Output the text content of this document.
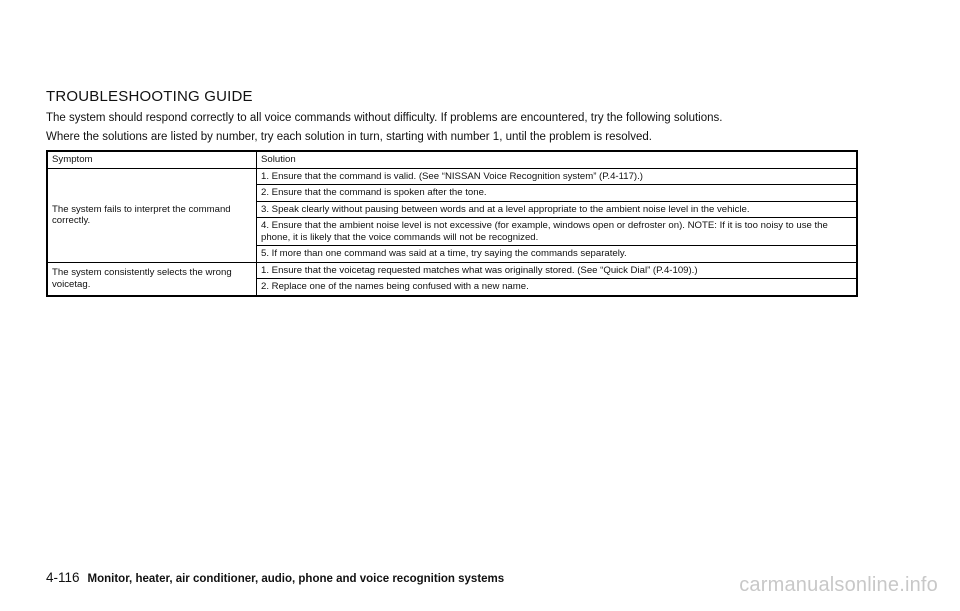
TROUBLESHOOTING GUIDE
The system should respond correctly to all voice commands without difficulty. If problems are encountered, try the following solutions.
Where the solutions are listed by number, try each solution in turn, starting with number 1, until the problem is resolved.
Symptom	Solution
The system fails to interpret the command correctly.	1. Ensure that the command is valid. (See “NISSAN Voice Recognition system” (P.4-117).)
	2. Ensure that the command is spoken after the tone.
	3. Speak clearly without pausing between words and at a level appropriate to the ambient noise level in the vehicle.
	4. Ensure that the ambient noise level is not excessive (for example, windows open or defroster on). NOTE: If it is too noisy to use the phone, it is likely that the voice commands will not be recognized.
	5. If more than one command was said at a time, try saying the commands separately.
The system consistently selects the wrong voicetag.	1. Ensure that the voicetag requested matches what was originally stored. (See “Quick Dial” (P.4-109).)
	2. Replace one of the names being confused with a new name.
4-116 Monitor, heater, air conditioner, audio, phone and voice recognition systems	carmanualsonline.info
